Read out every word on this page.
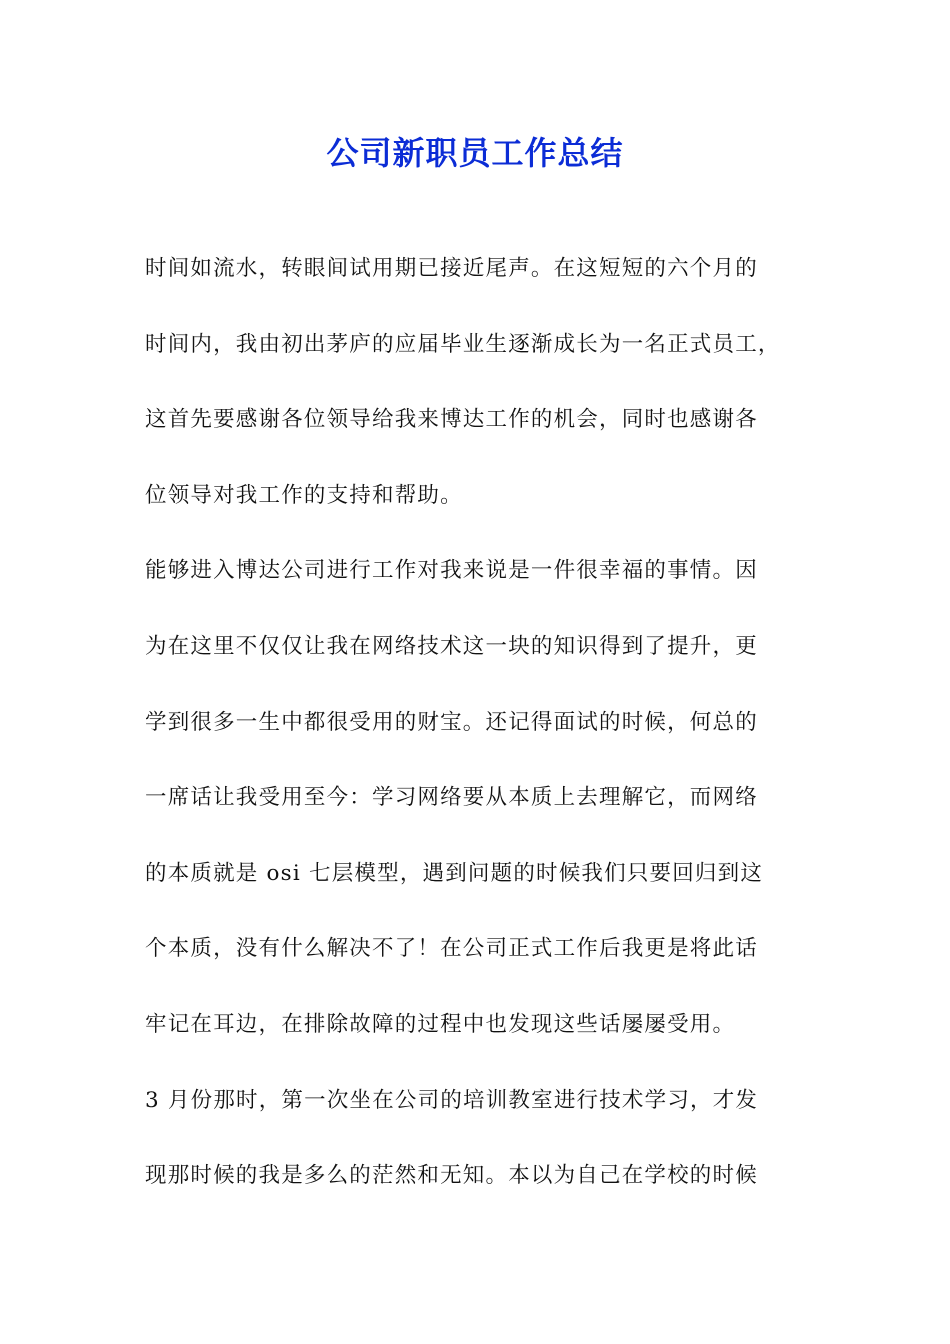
公司新职员工作总结
时间如流水，转眼间试用期已接近尾声。在这短短的六个月的
时间内，我由初出茅庐的应届毕业生逐渐成长为一名正式员工，
这首先要感谢各位领导给我来博达工作的机会，同时也感谢各
位领导对我工作的支持和帮助。
能够进入博达公司进行工作对我来说是一件很幸福的事情。因
为在这里不仅仅让我在网络技术这一块的知识得到了提升，更
学到很多一生中都很受用的财宝。还记得面试的时候，何总的
一席话让我受用至今：学习网络要从本质上去理解它，而网络
的本质就是 osi 七层模型，遇到问题的时候我们只要回归到这
个本质，没有什么解决不了！在公司正式工作后我更是将此话
牢记在耳边，在排除故障的过程中也发现这些话屡屡受用。
3 月份那时，第一次坐在公司的培训教室进行技术学习，才发
现那时候的我是多么的茫然和无知。本以为自己在学校的时候
